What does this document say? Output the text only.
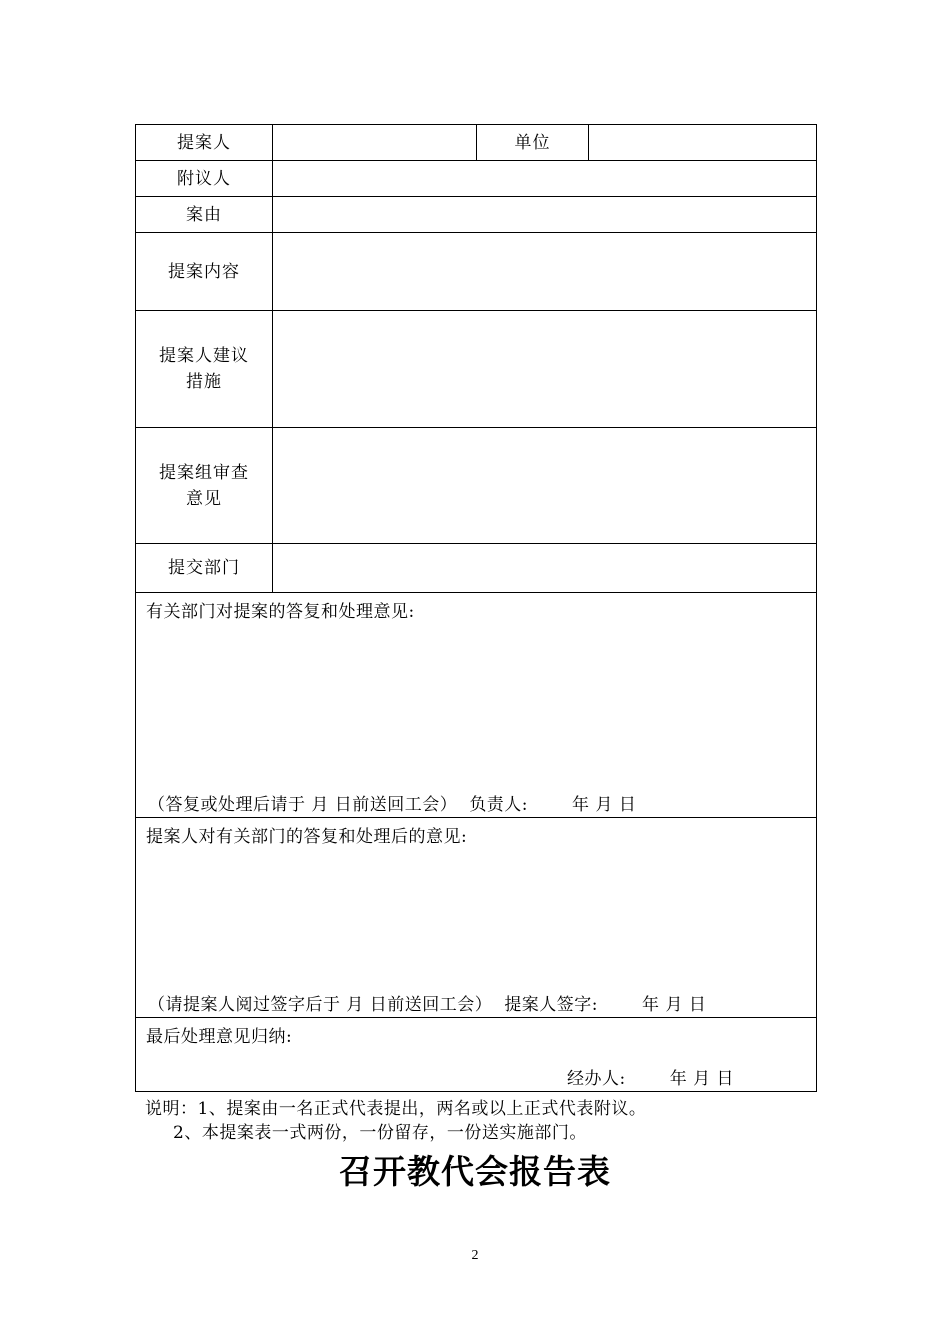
提案人		单位	
附议人			
案由			
提案内容			

提案人建议
措施			

提案组审查
意见			

提交部门			

有关部门对提案的答复和处理意见:
（答复或处理后请于 月 日前送回工会） 负责人: 年 月 日			

提案人对有关部门的答复和处理后的意见:
（请提案人阅过签字后于 月 日前送回工会） 提案人签字: 年 月 日			

最后处理意见归纳:
经办人: 年 月 日			
说明：1、提案由一名正式代表提出，两名或以上正式代表附议。
2、本提案表一式两份，一份留存，一份送实施部门。
召开教代会报告表
2
